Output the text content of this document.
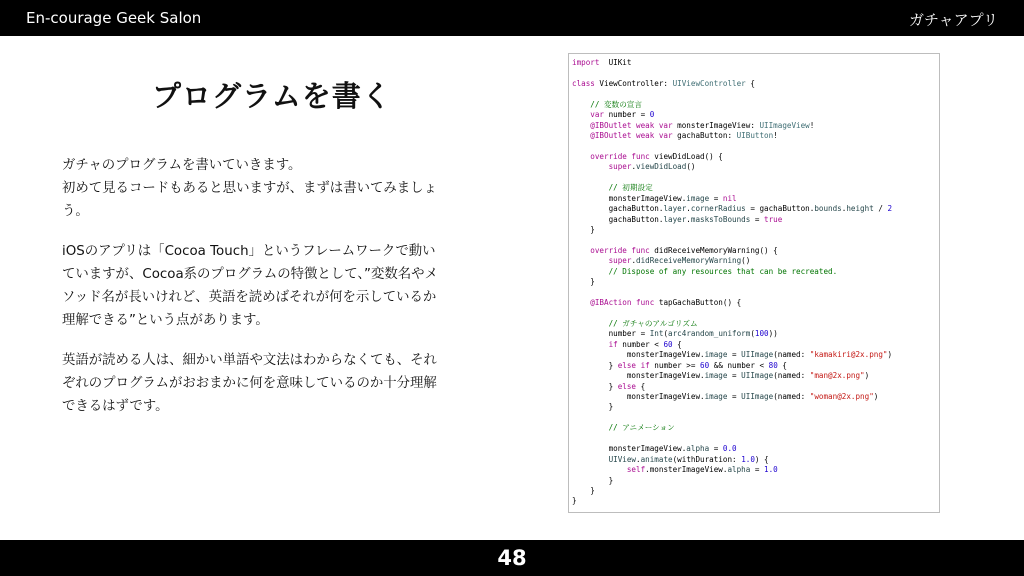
En-courage Geek Salon	ガチャアプリ
プログラムを書く

ガチャのプログラムを書いていきます。
初めて見るコードもあると思いますが、まずは書いてみましょ
う。

iOSのアプリは「Cocoa Touch」というフレームワークで動い
ていますが、Cocoa系のプログラムの特徴として、”変数名やメ
ソッド名が長いけれど、英語を読めばそれが何を示しているか
理解できる”という点があります。

英語が読める人は、細かい単語や文法はわからなくても、それ
ぞれのプログラムがおおまかに何を意味しているのか十分理解
できるはずです。

import  UIKit
class ViewController: UIViewController {
// 変数の宣言
var number = 0
@IBOutlet weak var monsterImageView: UIImageView!
@IBOutlet weak var gachaButton: UIButton!
override func viewDidLoad() {
super.viewDidLoad()
// 初期設定
monsterImageView.image = nil
gachaButton.layer.cornerRadius = gachaButton.bounds.height / 2
gachaButton.layer.masksToBounds = true
}
override func didReceiveMemoryWarning() {
super.didReceiveMemoryWarning()
// Dispose of any resources that can be recreated.
}
@IBAction func tapGachaButton() {
// ガチャのアルゴリズム
number = Int(arc4random_uniform(100))
if number < 60 {
monsterImageView.image = UIImage(named: "kamakiri@2x.png")
} else if number >= 60 && number < 80 {
monsterImageView.image = UIImage(named: "man@2x.png")
} else {
monsterImageView.image = UIImage(named: "woman@2x.png")
}
// アニメーション
monsterImageView.alpha = 0.0
UIView.animate(withDuration: 1.0) {
self.monsterImageView.alpha = 1.0
}
}
}
48
